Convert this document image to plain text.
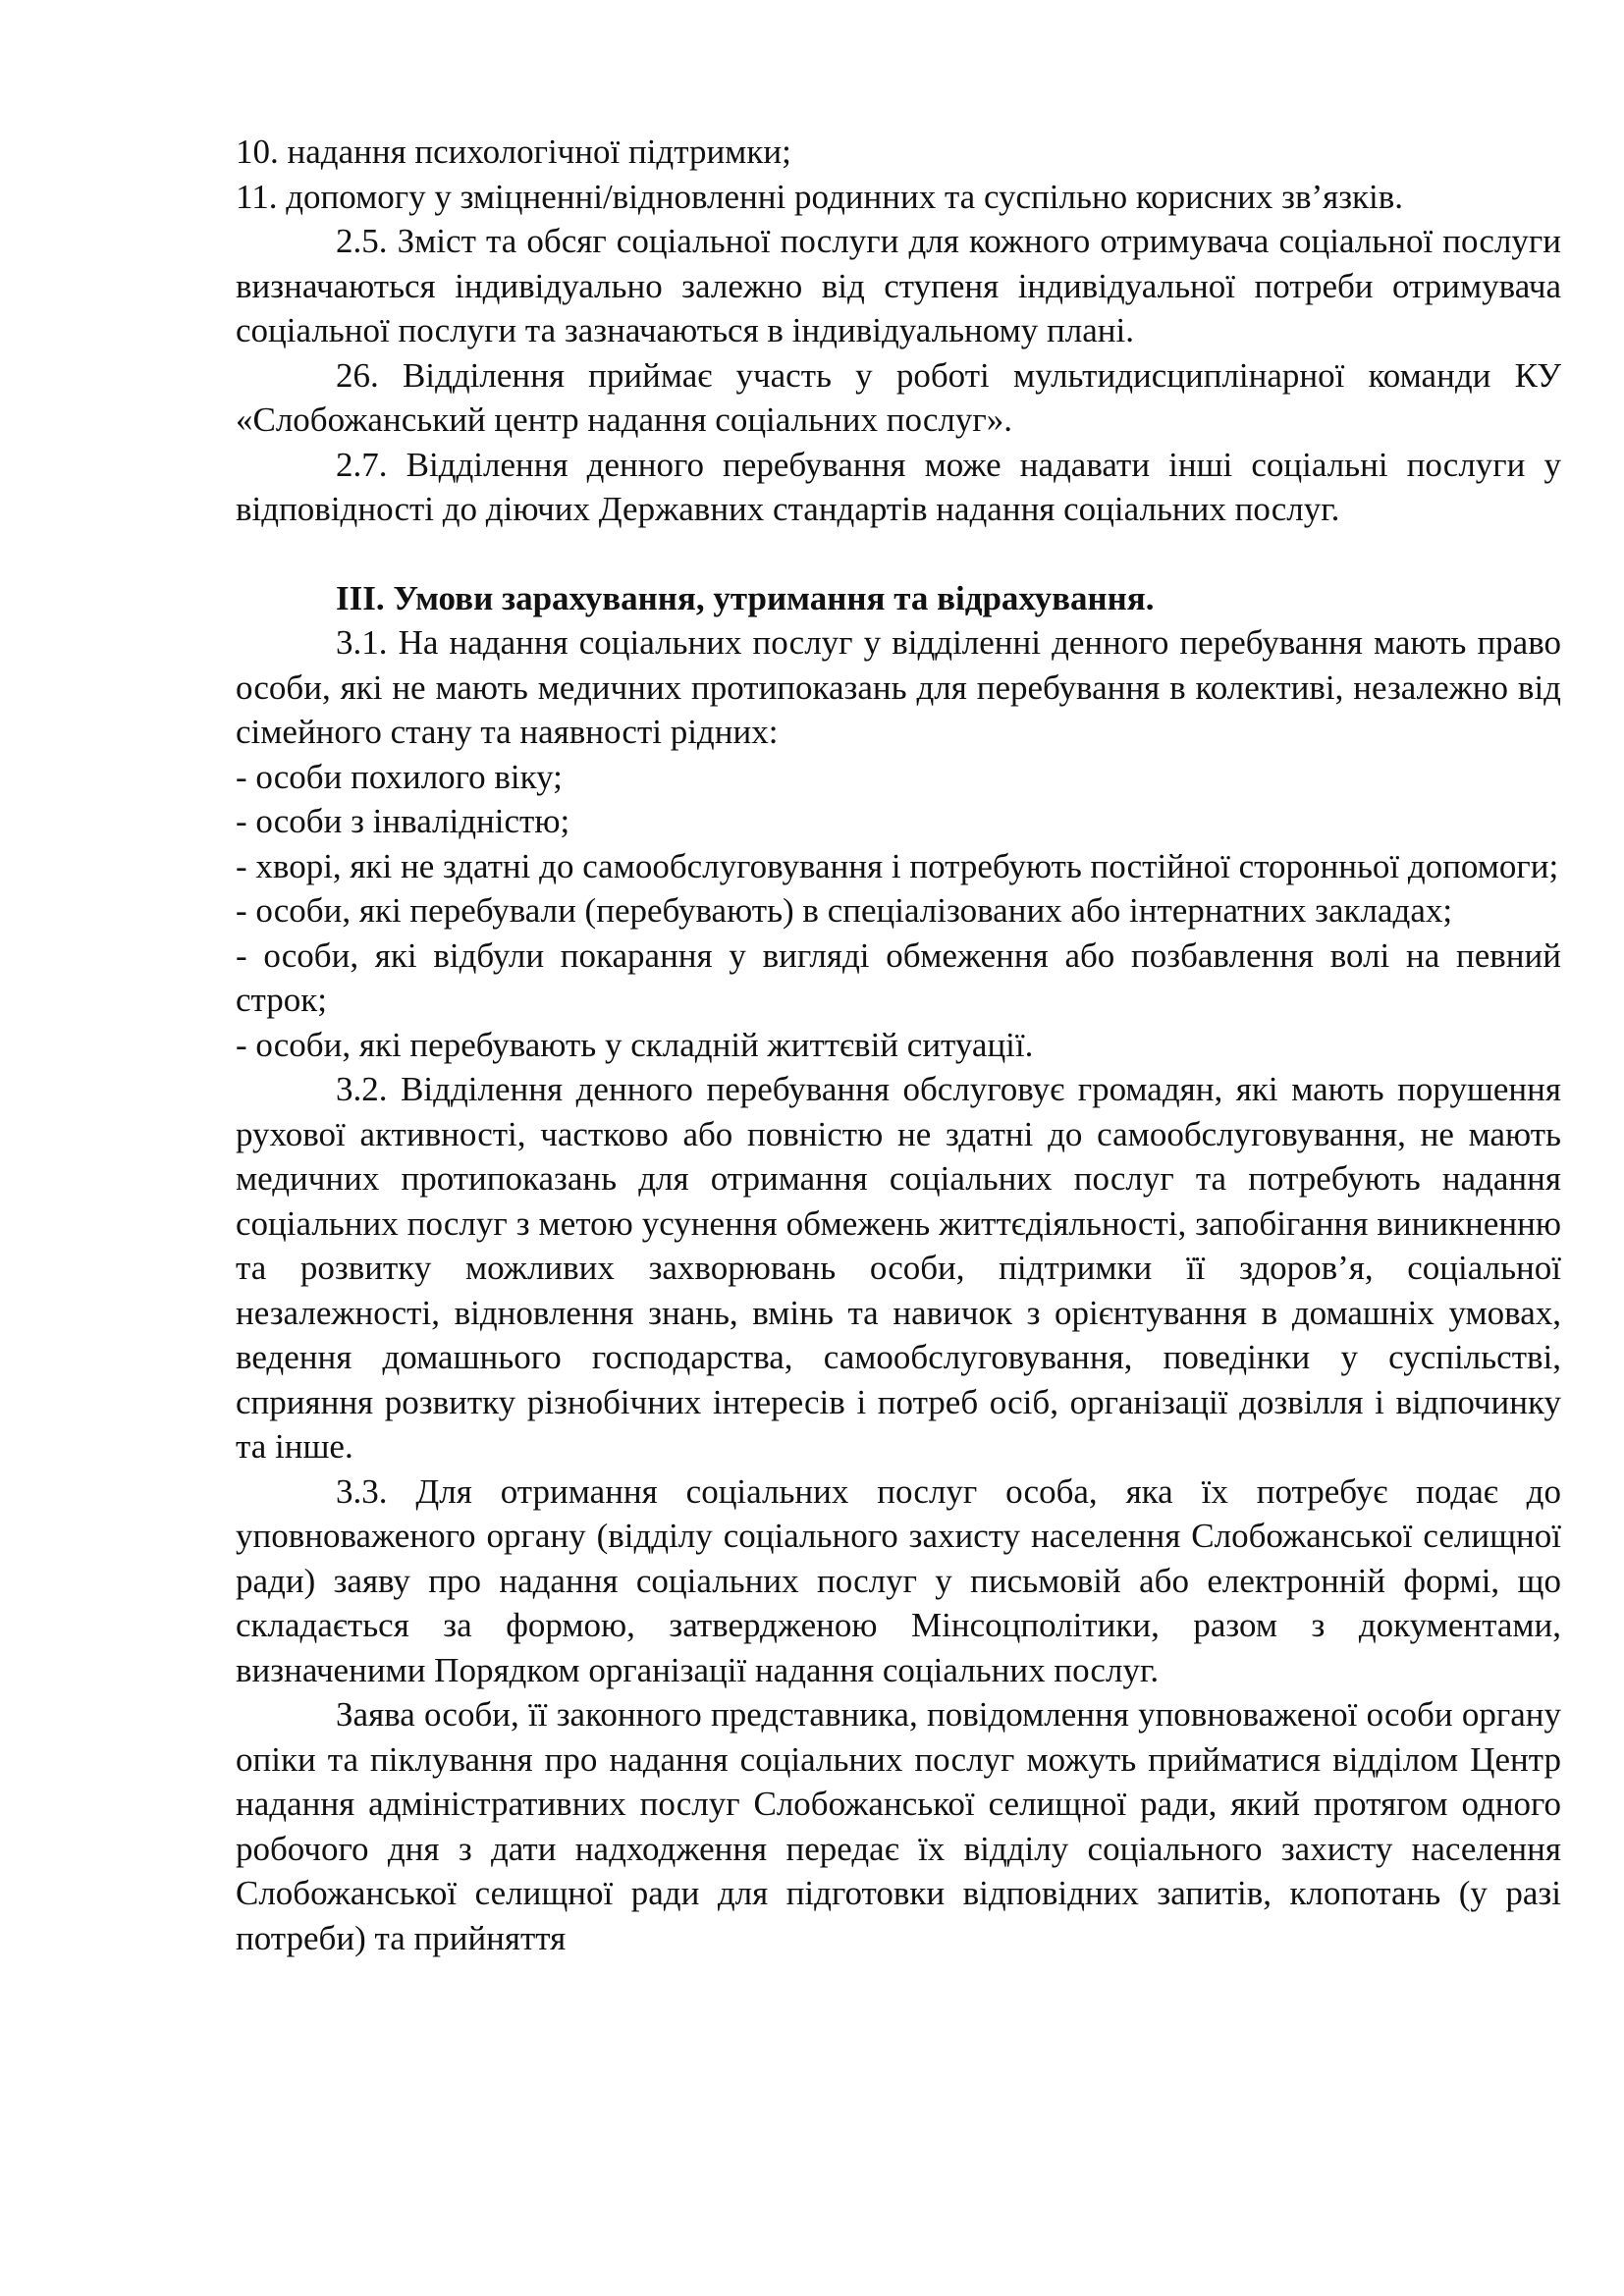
10. надання психологічної підтримки;

11. допомогу у зміцненні/відновленні родинних та суспільно корисних зв’язків.

2.5. Зміст та обсяг соціальної послуги для кожного отримувача соціальної послуги визначаються індивідуально залежно від ступеня індивідуальної потреби отримувача соціальної послуги та зазначаються в індивідуальному плані.

26. Відділення приймає участь у роботі мультидисциплінарної команди КУ «Слобожанський центр надання соціальних послуг».

2.7. Відділення денного перебування може надавати інші соціальні послуги у відповідності до діючих Державних стандартів надання соціальних послуг.

III. Умови зарахування, утримання та відрахування.

3.1. На надання соціальних послуг у відділенні денного перебування мають право особи, які не мають медичних протипоказань для перебування в колективі, незалежно від сімейного стану та наявності рідних:

- особи похилого віку;

- особи з інвалідністю;

- хворі, які не здатні до самообслуговування і потребують постійної сторонньої допомоги;

- особи, які перебували (перебувають) в спеціалізованих або інтернатних закладах;

- особи, які відбули покарання у вигляді обмеження або позбавлення волі на певний строк;

- особи, які перебувають у складній життєвій ситуації.

3.2. Відділення денного перебування обслуговує громадян, які мають порушення рухової активності, частково або повністю не здатні до самообслуговування, не мають медичних протипоказань для отримання соціальних послуг та потребують надання соціальних послуг з метою усунення обмежень життєдіяльності, запобігання виникненню та розвитку можливих захворювань особи, підтримки її здоров’я, соціальної незалежності, відновлення знань, вмінь та навичок з орієнтування в домашніх умовах, ведення домашнього господарства, самообслуговування, поведінки у суспільстві, сприяння розвитку різнобічних інтересів і потреб осіб, організації дозвілля і відпочинку та інше.

3.3. Для отримання соціальних послуг особа, яка їх потребує подає до уповноваженого органу (відділу соціального захисту населення Слобожанської селищної ради) заяву про надання соціальних послуг у письмовій або електронній формі, що складається за формою, затвердженою Мінсоцполітики, разом з документами, визначеними Порядком організації надання соціальних послуг.

Заява особи, її законного представника, повідомлення уповноваженої особи органу опіки та піклування про надання соціальних послуг можуть прийматися відділом Центр надання адміністративних послуг Слобожанської селищної ради, який протягом одного робочого дня з дати надходження передає їх відділу соціального захисту населення Слобожанської селищної ради для підготовки відповідних запитів, клопотань (у разі потреби) та прийняття
